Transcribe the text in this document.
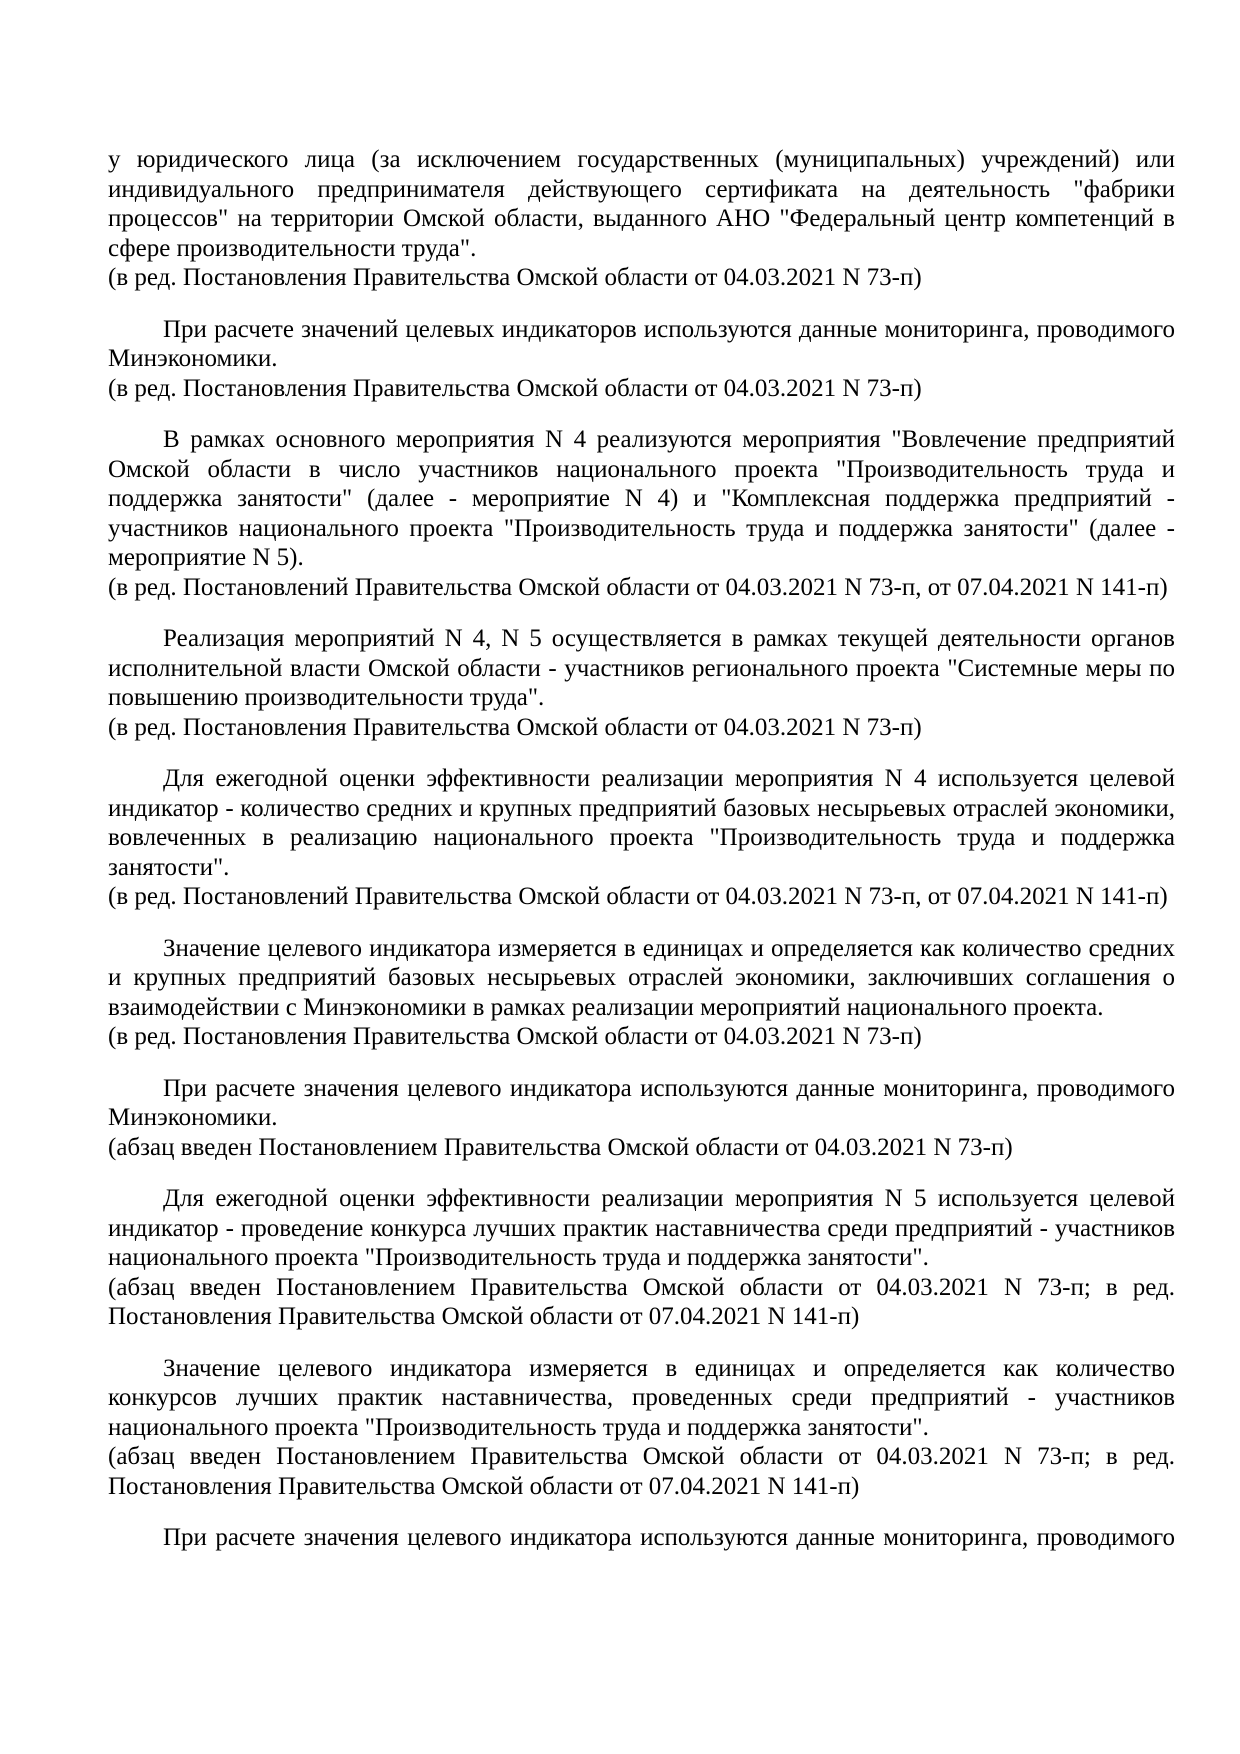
у юридического лица (за исключением государственных (муниципальных) учреждений) или индивидуального предпринимателя действующего сертификата на деятельность "фабрики процессов" на территории Омской области, выданного АНО "Федеральный центр компетенций в сфере производительности труда".
(в ред. Постановления Правительства Омской области от 04.03.2021 N 73-п)
При расчете значений целевых индикаторов используются данные мониторинга, проводимого Минэкономики.
(в ред. Постановления Правительства Омской области от 04.03.2021 N 73-п)
В рамках основного мероприятия N 4 реализуются мероприятия "Вовлечение предприятий Омской области в число участников национального проекта "Производительность труда и поддержка занятости" (далее - мероприятие N 4) и "Комплексная поддержка предприятий - участников национального проекта "Производительность труда и поддержка занятости" (далее - мероприятие N 5).
(в ред. Постановлений Правительства Омской области от 04.03.2021 N 73-п, от 07.04.2021 N 141-п)
Реализация мероприятий N 4, N 5 осуществляется в рамках текущей деятельности органов исполнительной власти Омской области - участников регионального проекта "Системные меры по повышению производительности труда".
(в ред. Постановления Правительства Омской области от 04.03.2021 N 73-п)
Для ежегодной оценки эффективности реализации мероприятия N 4 используется целевой индикатор - количество средних и крупных предприятий базовых несырьевых отраслей экономики, вовлеченных в реализацию национального проекта "Производительность труда и поддержка занятости".
(в ред. Постановлений Правительства Омской области от 04.03.2021 N 73-п, от 07.04.2021 N 141-п)
Значение целевого индикатора измеряется в единицах и определяется как количество средних и крупных предприятий базовых несырьевых отраслей экономики, заключивших соглашения о взаимодействии с Минэкономики в рамках реализации мероприятий национального проекта.
(в ред. Постановления Правительства Омской области от 04.03.2021 N 73-п)
При расчете значения целевого индикатора используются данные мониторинга, проводимого Минэкономики.
(абзац введен Постановлением Правительства Омской области от 04.03.2021 N 73-п)
Для ежегодной оценки эффективности реализации мероприятия N 5 используется целевой индикатор - проведение конкурса лучших практик наставничества среди предприятий - участников национального проекта "Производительность труда и поддержка занятости".
(абзац введен Постановлением Правительства Омской области от 04.03.2021 N 73-п; в ред. Постановления Правительства Омской области от 07.04.2021 N 141-п)
Значение целевого индикатора измеряется в единицах и определяется как количество конкурсов лучших практик наставничества, проведенных среди предприятий - участников национального проекта "Производительность труда и поддержка занятости".
(абзац введен Постановлением Правительства Омской области от 04.03.2021 N 73-п; в ред. Постановления Правительства Омской области от 07.04.2021 N 141-п)
При расчете значения целевого индикатора используются данные мониторинга, проводимого
